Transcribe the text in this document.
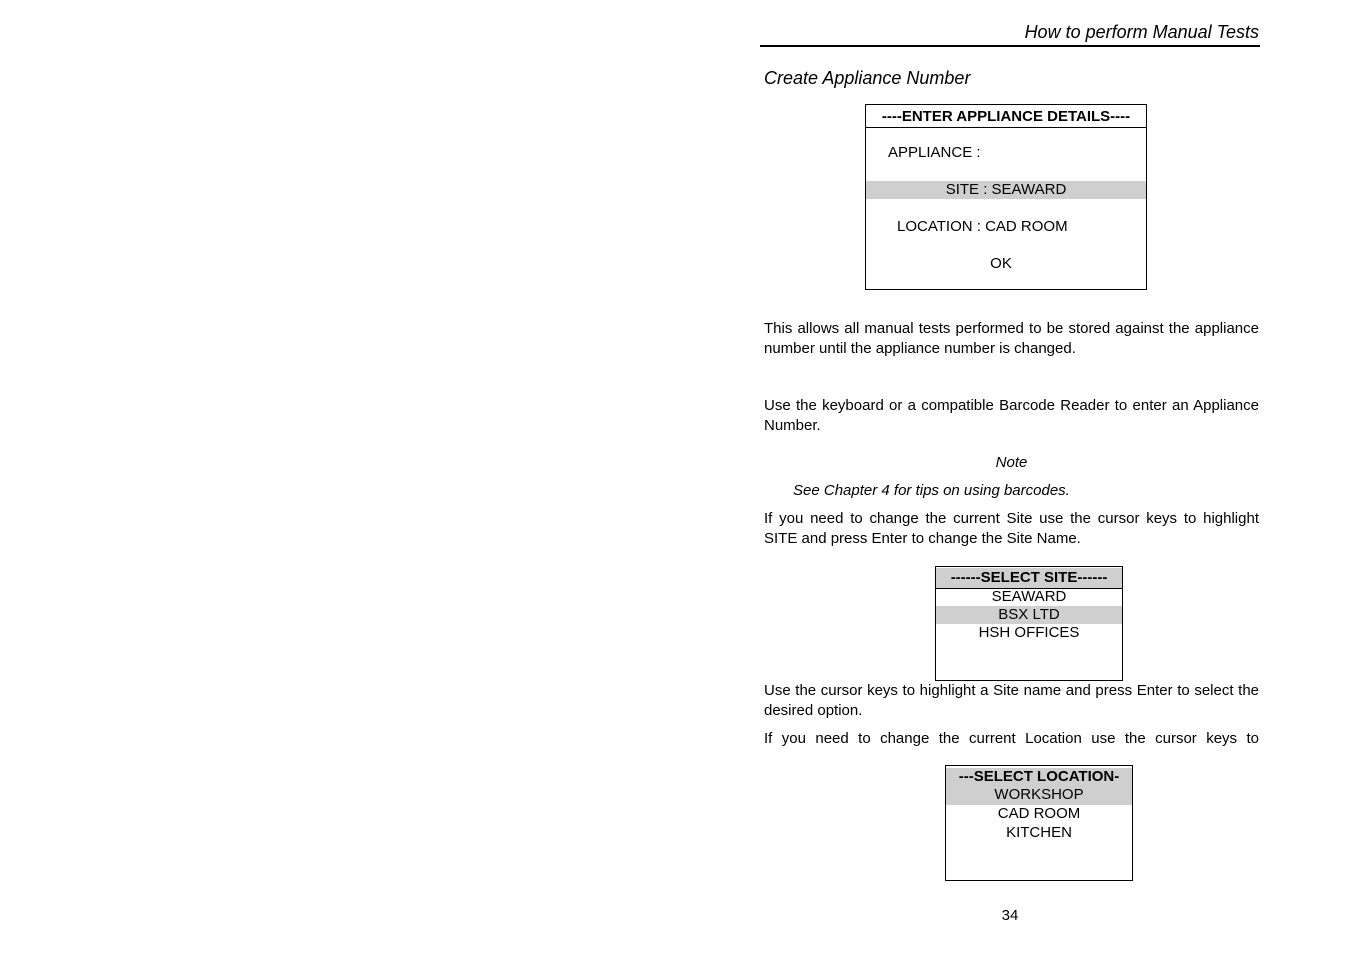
How to perform Manual Tests
Create Appliance Number
----ENTER APPLIANCE DETAILS----
APPLIANCE :
SITE : SEAWARD
LOCATION : CAD ROOM
OK
This allows all manual tests performed to be stored against the appliance number until the appliance number is changed.
Use the keyboard or a compatible Barcode Reader to enter an Appliance Number.
Note
See Chapter 4 for tips on using barcodes.
If you need to change the current Site use the cursor keys to highlight SITE and press Enter to change the Site Name.
------SELECT SITE------
SEAWARD
BSX LTD
HSH OFFICES
Use the cursor keys to highlight a Site name and press Enter to select the desired option.
If you need to change the current Location use the cursor keys to
---SELECT LOCATION-
WORKSHOP
CAD ROOM
KITCHEN
34
